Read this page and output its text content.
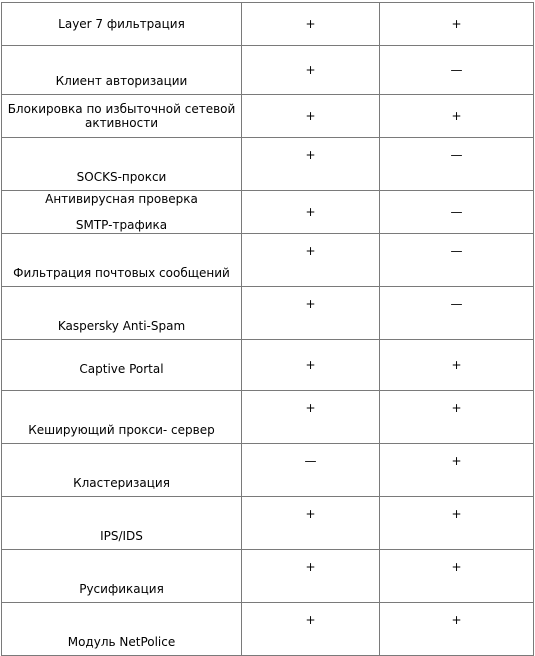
Layer 7 фильтрация	+	+

Клиент авторизации	+	—

Блокировка по избыточной сетевой
активности	+	+

SOCKS-прокси	+	—

Антивирусная проверка
SMTP-трафика	+	—

Фильтрация почтовых сообщений	+	—

Kaspersky Anti-Spam	+	—

Captive Portal	+	+

Кеширующий прокси- сервер	+	+

Кластеризация	—	+

IPS/IDS	+	+

Русификация	+	+

Модуль NetPolice	+	+
